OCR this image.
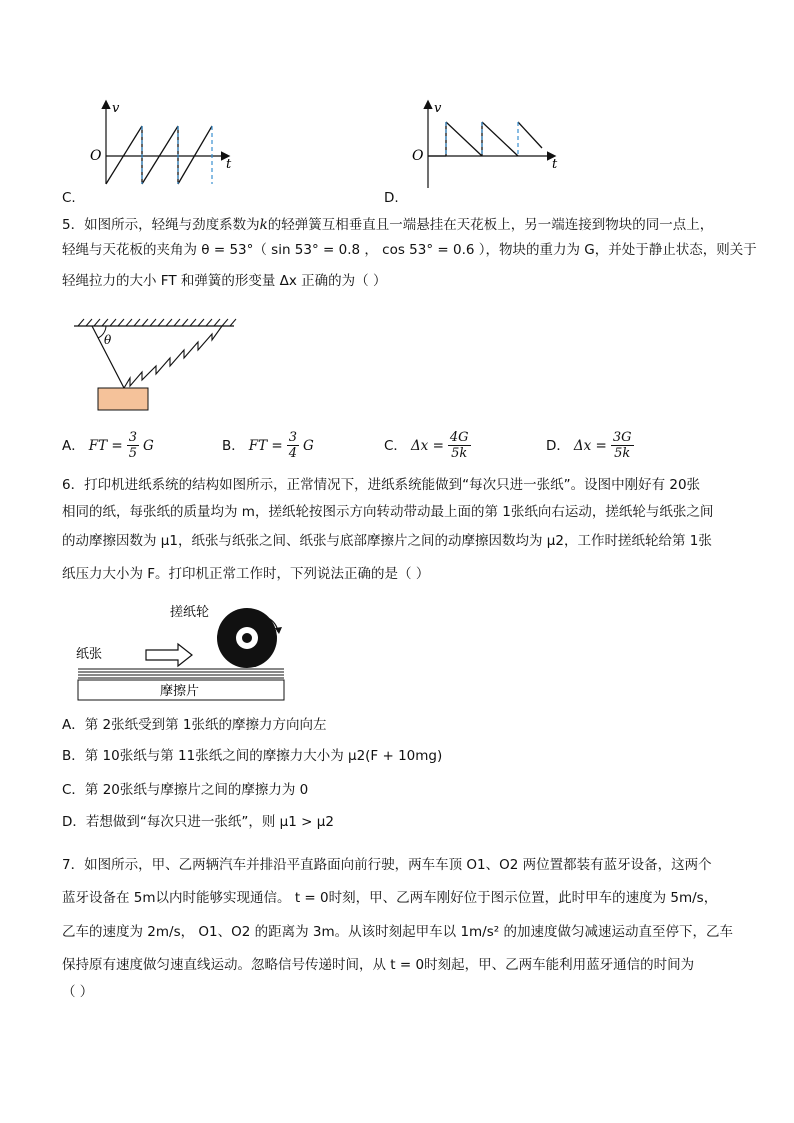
v
t
O
C.
v
t
O
D.
5．如图所示，轻绳与劲度系数为k的轻弹簧互相垂直且一端悬挂在天花板上，另一端连接到物块的同一点上，
轻绳与天花板的夹角为 θ = 53°（ sin 53° = 0.8 ， cos 53° = 0.6 ），物块的重力为 G，并处于静止状态，则关于
轻绳拉力的大小 FT 和弹簧的形变量 Δx 正确的为（ ）
θ
A． FT = $\frac{3}{5}$ G	B． FT = $\frac{3}{4}$ G	C． $\Delta x = \frac{4G}{5k}$	D． $\Delta x = \frac{3G}{5k}$
6．打印机进纸系统的结构如图所示，正常情况下，进纸系统能做到“每次只进一张纸”。设图中刚好有 20张
相同的纸，每张纸的质量均为 m，搓纸轮按图示方向转动带动最上面的第 1张纸向右运动，搓纸轮与纸张之间
的动摩擦因数为 μ1，纸张与纸张之间、纸张与底部摩擦片之间的动摩擦因数均为 μ2，工作时搓纸轮给第 1张
纸压力大小为 F。打印机正常工作时，下列说法正确的是（ ）
搓纸轮
纸张
摩擦片
A．第 2张纸受到第 1张纸的摩擦力方向向左
B．第 10张纸与第 11张纸之间的摩擦力大小为 μ2(F + 10mg)
C．第 20张纸与摩擦片之间的摩擦力为 0
D．若想做到“每次只进一张纸”，则 μ1 > μ2
7．如图所示，甲、乙两辆汽车并排沿平直路面向前行驶，两车车顶 O1、O2 两位置都装有蓝牙设备，这两个
蓝牙设备在 5m以内时能够实现通信。 t = 0时刻，甲、乙两车刚好位于图示位置，此时甲车的速度为 5m/s，
乙车的速度为 2m/s， O1、O2 的距离为 3m。从该时刻起甲车以 1m/s² 的加速度做匀减速运动直至停下，乙车
保持原有速度做匀速直线运动。忽略信号传递时间，从 t = 0时刻起，甲、乙两车能利用蓝牙通信的时间为
（ ）
